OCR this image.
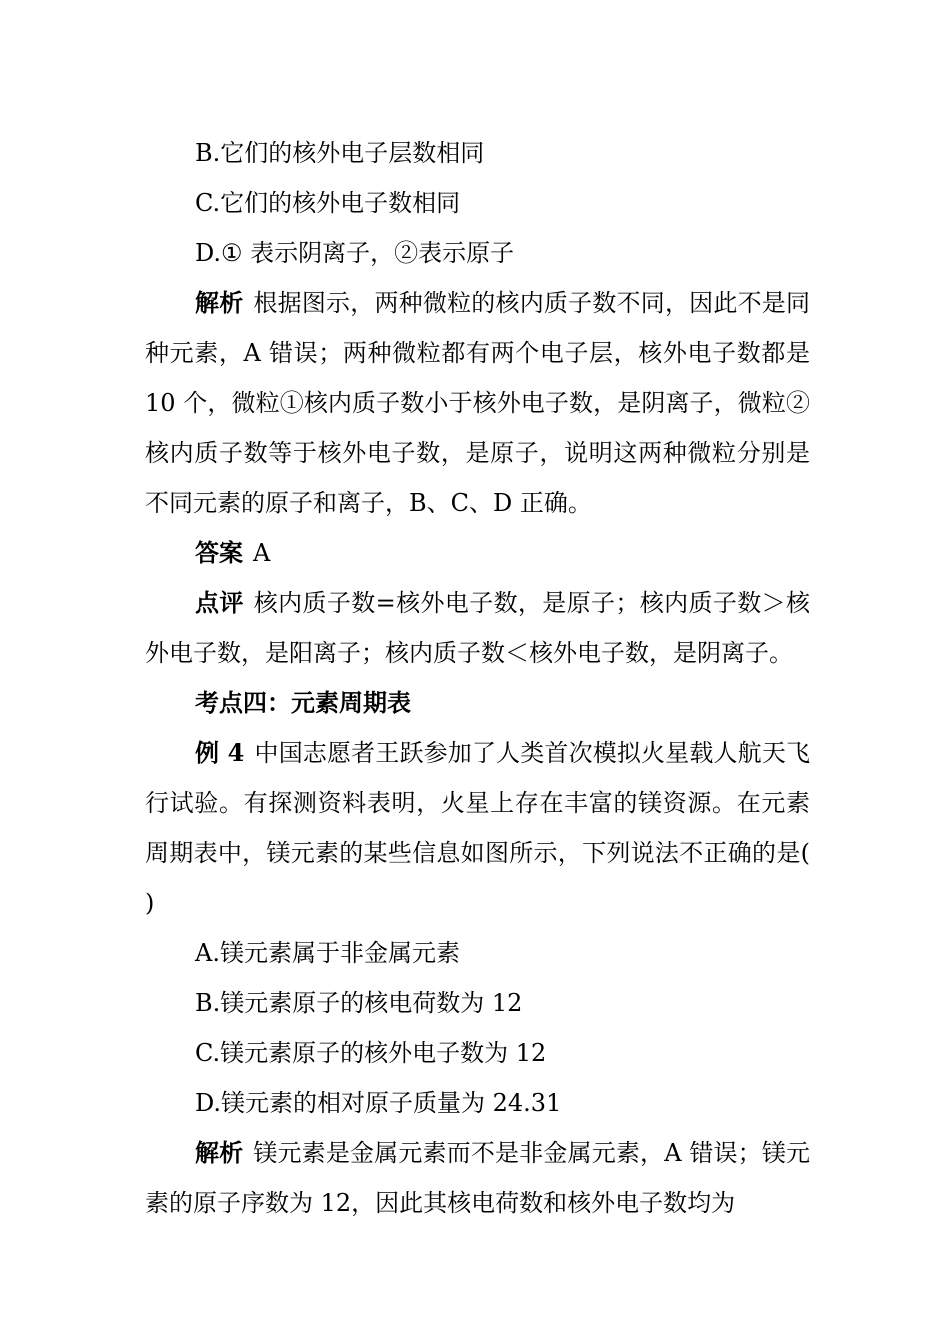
B.它们的核外电子层数相同

C.它们的核外电子数相同

D.① 表示阴离子，②表示原子

解析 根据图示，两种微粒的核内质子数不同，因此不是同种元素，A 错误；两种微粒都有两个电子层，核外电子数都是 10 个，微粒①核内质子数小于核外电子数，是阴离子，微粒②核内质子数等于核外电子数，是原子，说明这两种微粒分别是不同元素的原子和离子，B、C、D 正确。

答案 A

点评 核内质子数=核外电子数，是原子；核内质子数＞核外电子数，是阳离子；核内质子数＜核外电子数，是阴离子。

考点四：元素周期表

例 4 中国志愿者王跃参加了人类首次模拟火星载人航天飞行试验。有探测资料表明，火星上存在丰富的镁资源。在元素周期表中，镁元素的某些信息如图所示，下列说法不正确的是(　 )

A.镁元素属于非金属元素

B.镁元素原子的核电荷数为 12

C.镁元素原子的核外电子数为 12

D.镁元素的相对原子质量为 24.31

解析 镁元素是金属元素而不是非金属元素，A 错误；镁元素的原子序数为 12，因此其核电荷数和核外电子数均为
